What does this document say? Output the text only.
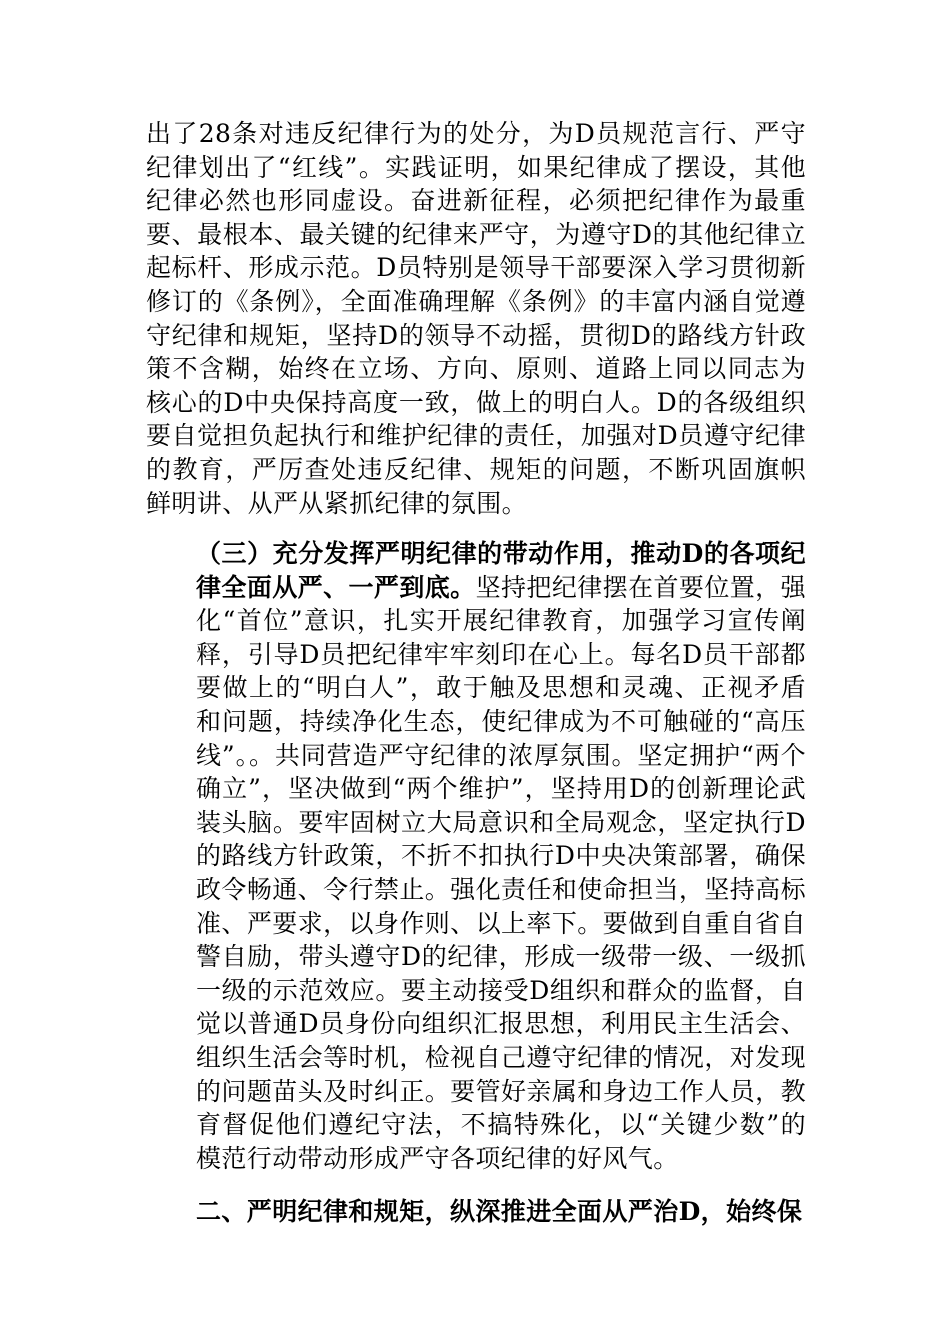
出了28条对违反纪律行为的处分，为D员规范言行、严守纪律划出了“红线”。实践证明，如果纪律成了摆设，其他纪律必然也形同虚设。奋进新征程，必须把纪律作为最重要、最根本、最关键的纪律来严守，为遵守D的其他纪律立起标杆、形成示范。D员特别是领导干部要深入学习贯彻新修订的《条例》，全面准确理解《条例》的丰富内涵自觉遵守纪律和规矩，坚持D的领导不动摇，贯彻D的路线方针政策不含糊，始终在立场、方向、原则、道路上同以同志为核心的D中央保持高度一致，做上的明白人。D的各级组织要自觉担负起执行和维护纪律的责任，加强对D员遵守纪律的教育，严厉查处违反纪律、规矩的问题，不断巩固旗帜鲜明讲、从严从紧抓纪律的氛围。

（三）充分发挥严明纪律的带动作用，推动D的各项纪律全面从严、一严到底。坚持把纪律摆在首要位置，强化“首位”意识，扎实开展纪律教育，加强学习宣传阐释，引导D员把纪律牢牢刻印在心上。每名D员干部都要做上的“明白人”，敢于触及思想和灵魂、正视矛盾和问题，持续净化生态，使纪律成为不可触碰的“高压线”。。共同营造严守纪律的浓厚氛围。坚定拥护“两个确立”，坚决做到“两个维护”，坚持用D的创新理论武装头脑。要牢固树立大局意识和全局观念，坚定执行D的路线方针政策，不折不扣执行D中央决策部署，确保政令畅通、令行禁止。强化责任和使命担当，坚持高标准、严要求，以身作则、以上率下。要做到自重自省自警自励，带头遵守D的纪律，形成一级带一级、一级抓一级的示范效应。要主动接受D组织和群众的监督，自觉以普通D员身份向组织汇报思想，利用民主生活会、组织生活会等时机，检视自己遵守纪律的情况，对发现的问题苗头及时纠正。要管好亲属和身边工作人员，教育督促他们遵纪守法，不搞特殊化，以“关键少数”的模范行动带动形成严守各项纪律的好风气。

二、严明纪律和规矩，纵深推进全面从严治D，始终保
